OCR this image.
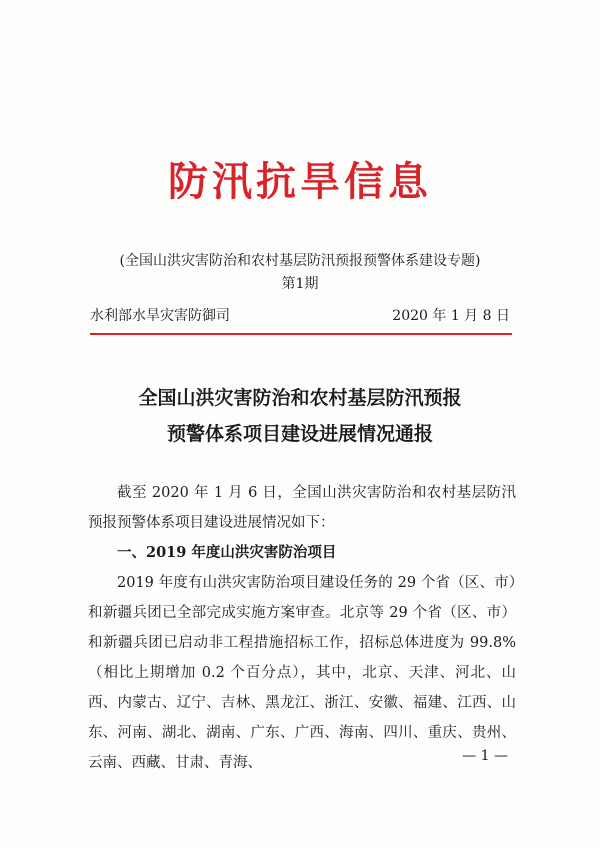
防汛抗旱信息
(全国山洪灾害防治和农村基层防汛预报预警体系建设专题)
第1期
水利部水旱灾害防御司	2020 年 1 月 8 日
全国山洪灾害防治和农村基层防汛预报
预警体系项目建设进展情况通报

截至 2020 年 1 月 6 日，全国山洪灾害防治和农村基层防汛预报预警体系项目建设进展情况如下：

一、2019 年度山洪灾害防治项目

2019 年度有山洪灾害防治项目建设任务的 29 个省（区、市）和新疆兵团已全部完成实施方案审查。北京等 29 个省（区、市）和新疆兵团已启动非工程措施招标工作，招标总体进度为 99.8%（相比上期增加 0.2 个百分点），其中，北京、天津、河北、山西、内蒙古、辽宁、吉林、黑龙江、浙江、安徽、福建、江西、山东、河南、湖北、湖南、广东、广西、海南、四川、重庆、贵州、云南、西藏、甘肃、青海、	— 1 —
